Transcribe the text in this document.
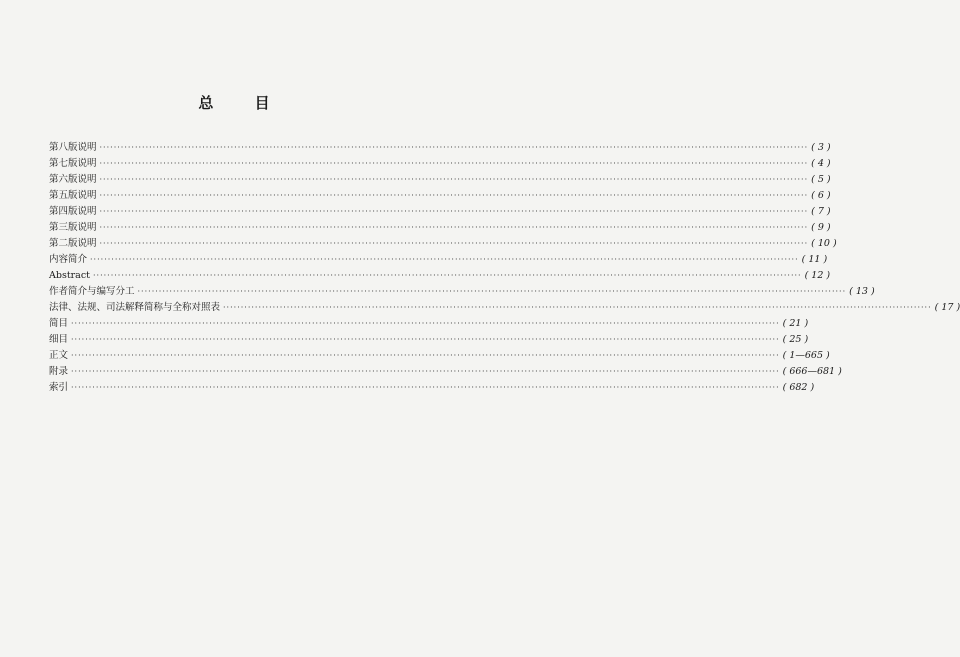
总	目
第八版说明 ········································································································································································································ ( 3 )
第七版说明 ········································································································································································································ ( 4 )
第六版说明 ········································································································································································································ ( 5 )
第五版说明 ········································································································································································································ ( 6 )
第四版说明 ········································································································································································································ ( 7 )
第三版说明 ········································································································································································································ ( 9 )
第二版说明 ········································································································································································································ ( 10 )
内容简介 ········································································································································································································ ( 11 )
Abstract ········································································································································································································ ( 12 )
作者简介与编写分工 ········································································································································································································ ( 13 )
法律、法规、司法解释简称与全称对照表 ········································································································································································································ ( 17 )
简目 ········································································································································································································ ( 21 )
细目 ········································································································································································································ ( 25 )
正文 ········································································································································································································ ( 1—665 )
附录 ········································································································································································································ ( 666—681 )
索引 ········································································································································································································ ( 682 )
